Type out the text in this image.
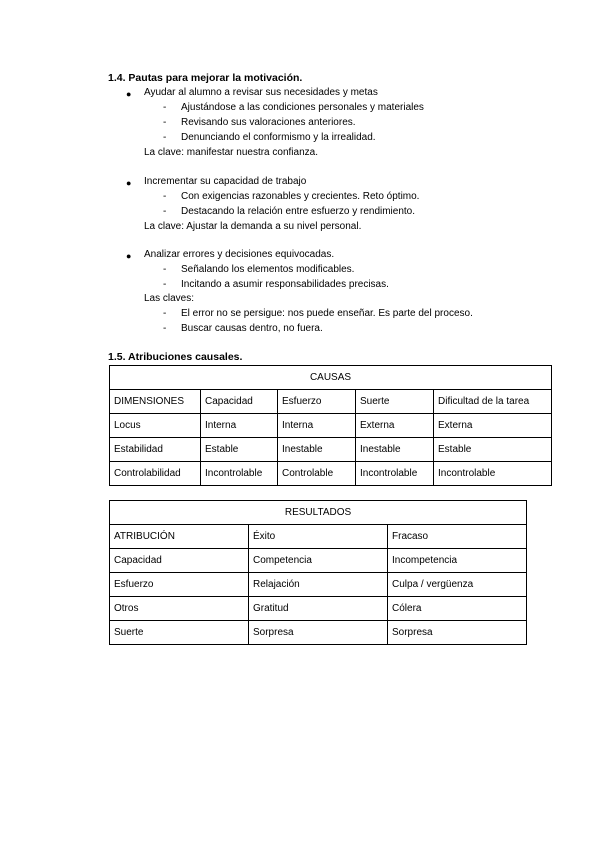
1.4. Pautas para mejorar la motivación.
● Ayudar al alumno a revisar sus necesidades y metas
- Ajustándose a las condiciones personales y materiales
- Revisando sus valoraciones anteriores.
- Denunciando el conformismo y la irrealidad.
La clave: manifestar nuestra confianza.
● Incrementar su capacidad de trabajo
- Con exigencias razonables y crecientes. Reto óptimo.
- Destacando la relación entre esfuerzo y rendimiento.
La clave: Ajustar la demanda a su nivel personal.
● Analizar errores y decisiones equivocadas.
- Señalando los elementos modificables.
- Incitando a asumir responsabilidades precisas.
Las claves:
- El error no se persigue: nos puede enseñar. Es parte del proceso.
- Buscar causas dentro, no fuera.
1.5. Atribuciones causales.
CAUSAS				
DIMENSIONES	Capacidad	Esfuerzo	Suerte	Dificultad de la tarea
Locus	Interna	Interna	Externa	Externa
Estabilidad	Estable	Inestable	Inestable	Estable
Controlabilidad	Incontrolable	Controlable	Incontrolable	Incontrolable
RESULTADOS		
ATRIBUCIÓN	Éxito	Fracaso
Capacidad	Competencia	Incompetencia
Esfuerzo	Relajación	Culpa / vergüenza
Otros	Gratitud	Cólera
Suerte	Sorpresa	Sorpresa
